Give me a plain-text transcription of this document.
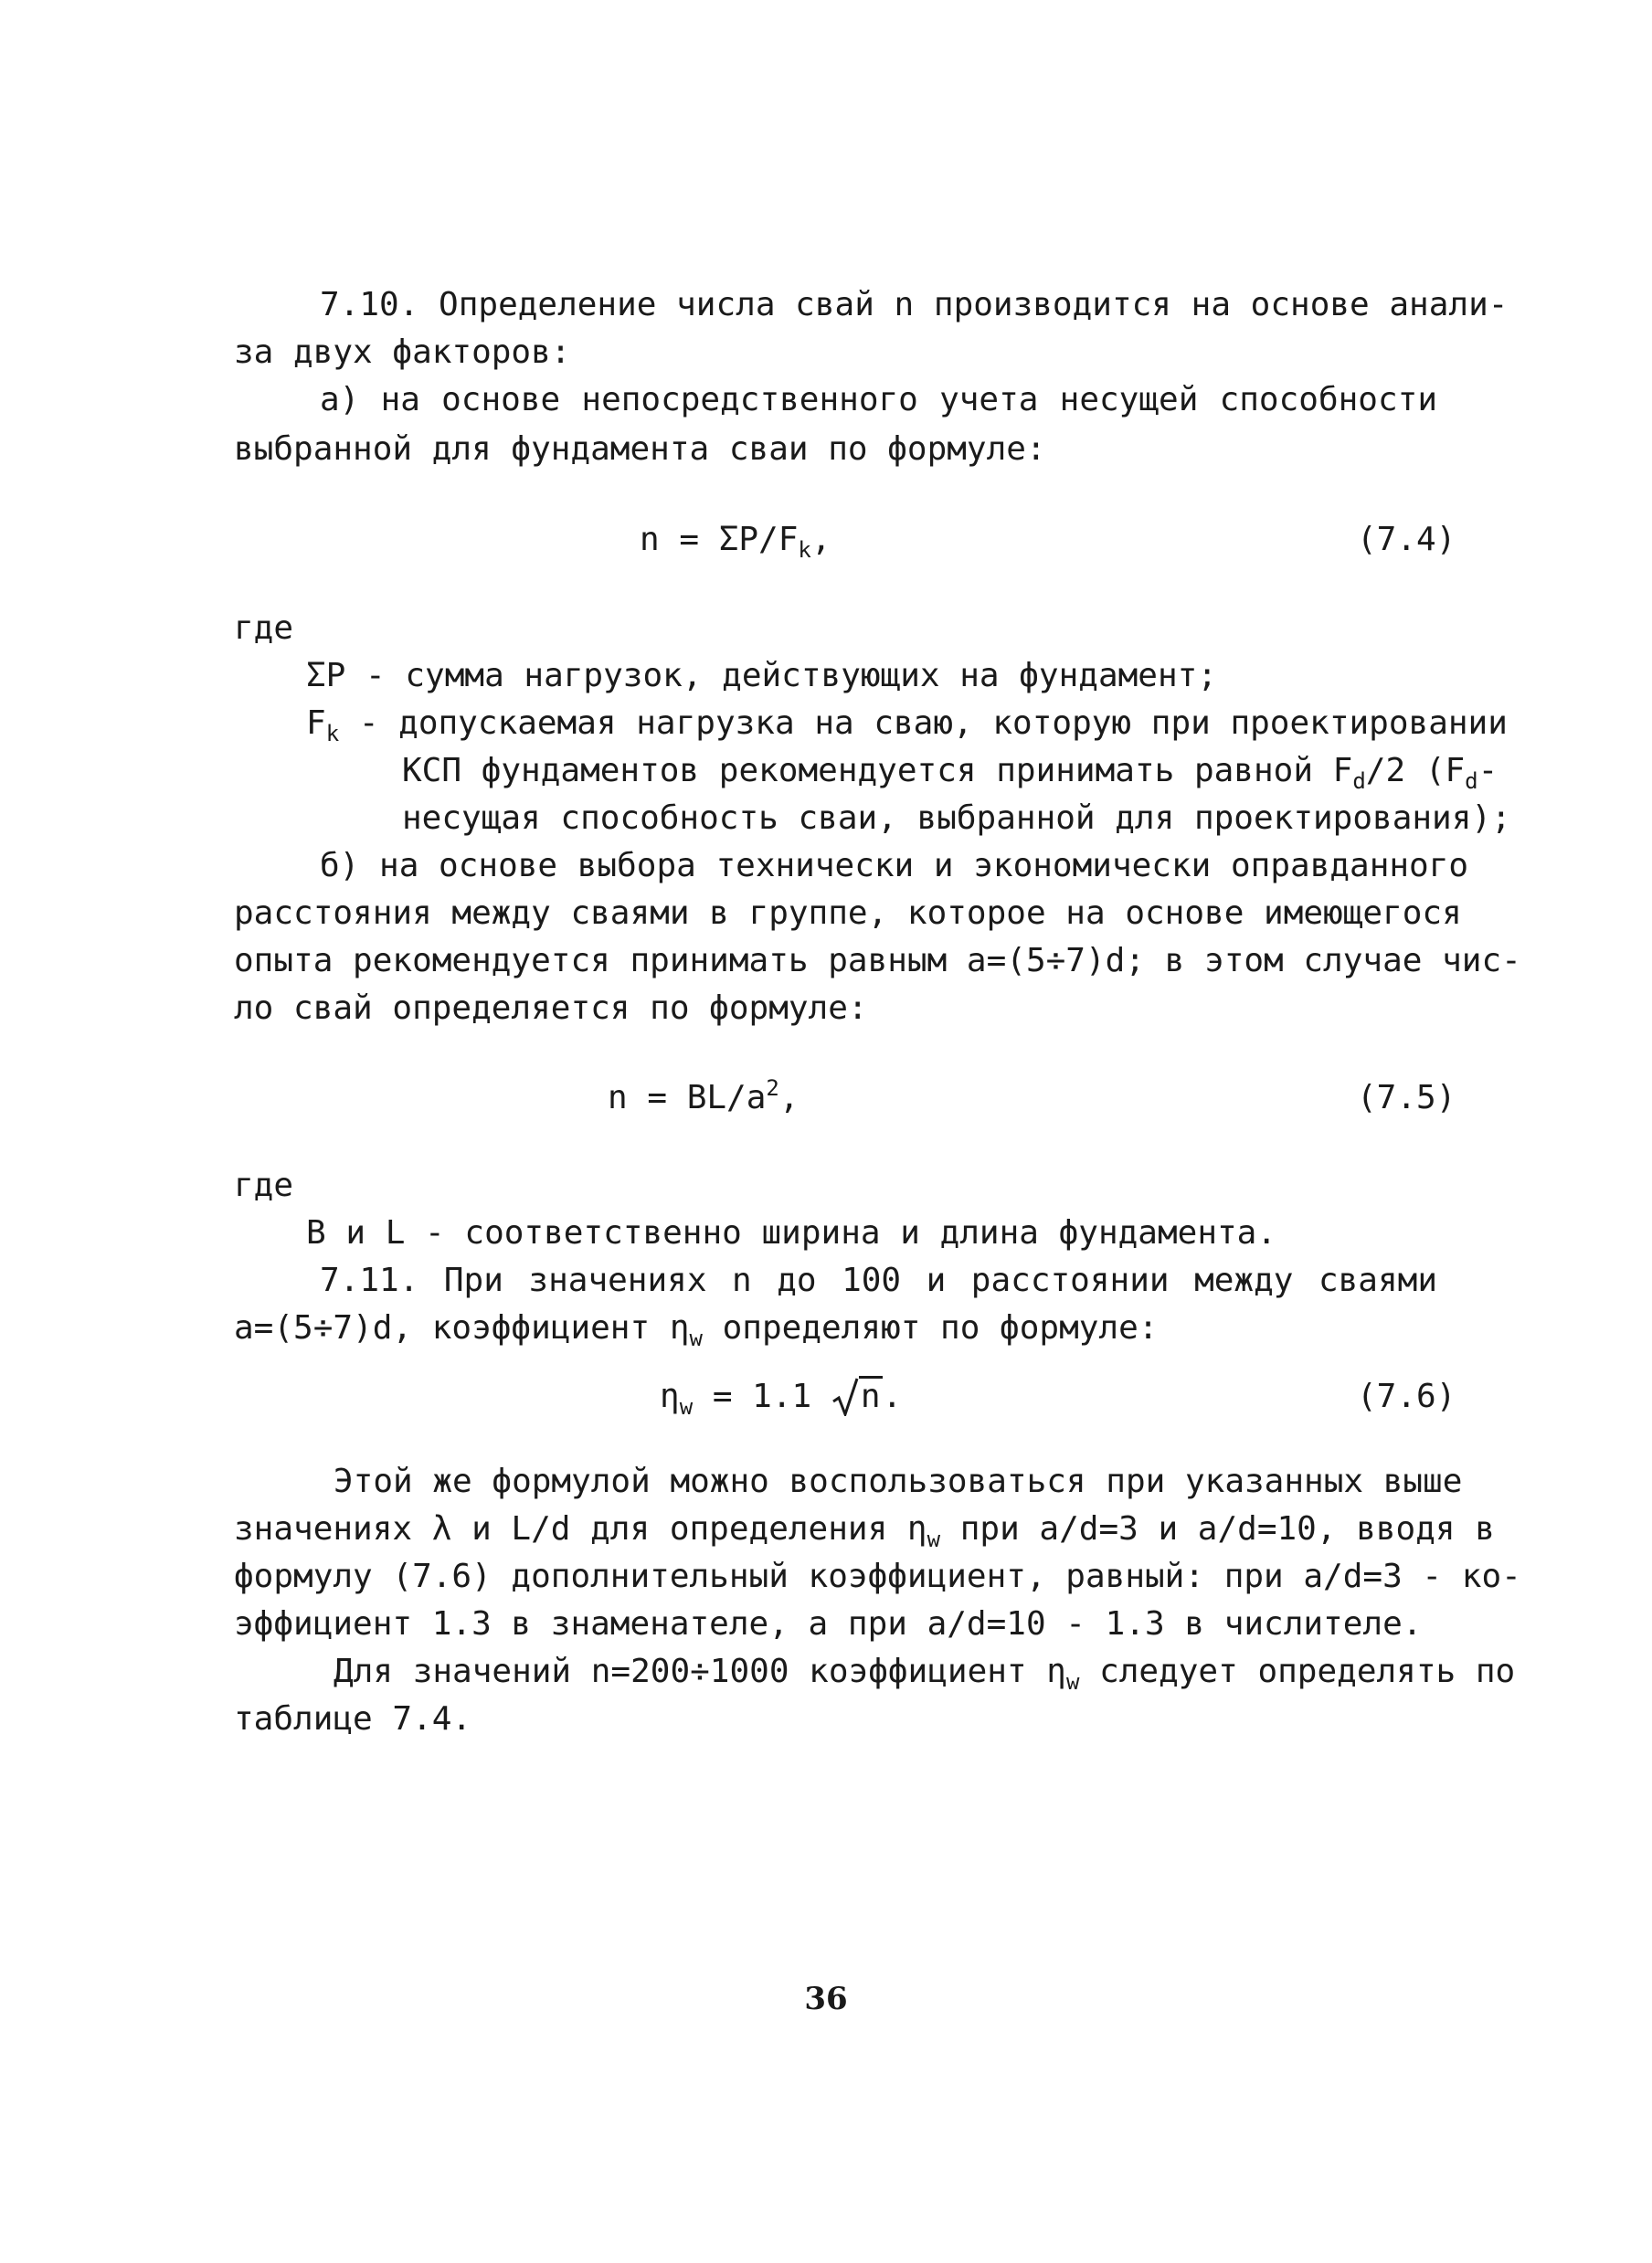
7.10. Определение числа свай n производится на основе анали-
за двух факторов:
а) на основе непосредственного учета несущей способности
выбранной для фундамента сваи по формуле:
$n = \Sigma P/F_k$,	(7.4)
где
ΣP - сумма нагрузок, действующих на фундамент;
$F_k$ - допускаемая нагрузка на сваю, которую при проектировании
КСП фундаментов рекомендуется принимать равной $F_d/2$ ($F_d-$
несущая способность сваи, выбранной для проектирования);
б) на основе выбора технически и экономически оправданного
расстояния между сваями в группе, которое на основе имеющегося
опыта рекомендуется принимать равным a=(5÷7)d; в этом случае чис-
ло свай определяется по формуле:
$n = BL/a^2$,	(7.5)
где
B и L - соответственно ширина и длина фундамента.
7.11. При значениях n до 100 и расстоянии между сваями
a=(5÷7)d, коэффициент $\eta_w$ определяют по формуле:
$\eta_w = 1.1$ n.	(7.6)
Этой же формулой можно воспользоваться при указанных выше
значениях λ и L/d для определения $\eta_w$ при a/d=3 и a/d=10, вводя в
формулу (7.6) дополнительный коэффициент, равный: при a/d=3 - ко-
эффициент 1.3 в знаменателе, а при a/d=10 - 1.3 в числителе.
Для значений n=200÷1000 коэффициент $\eta_w$ следует определять по
таблице 7.4.
36
